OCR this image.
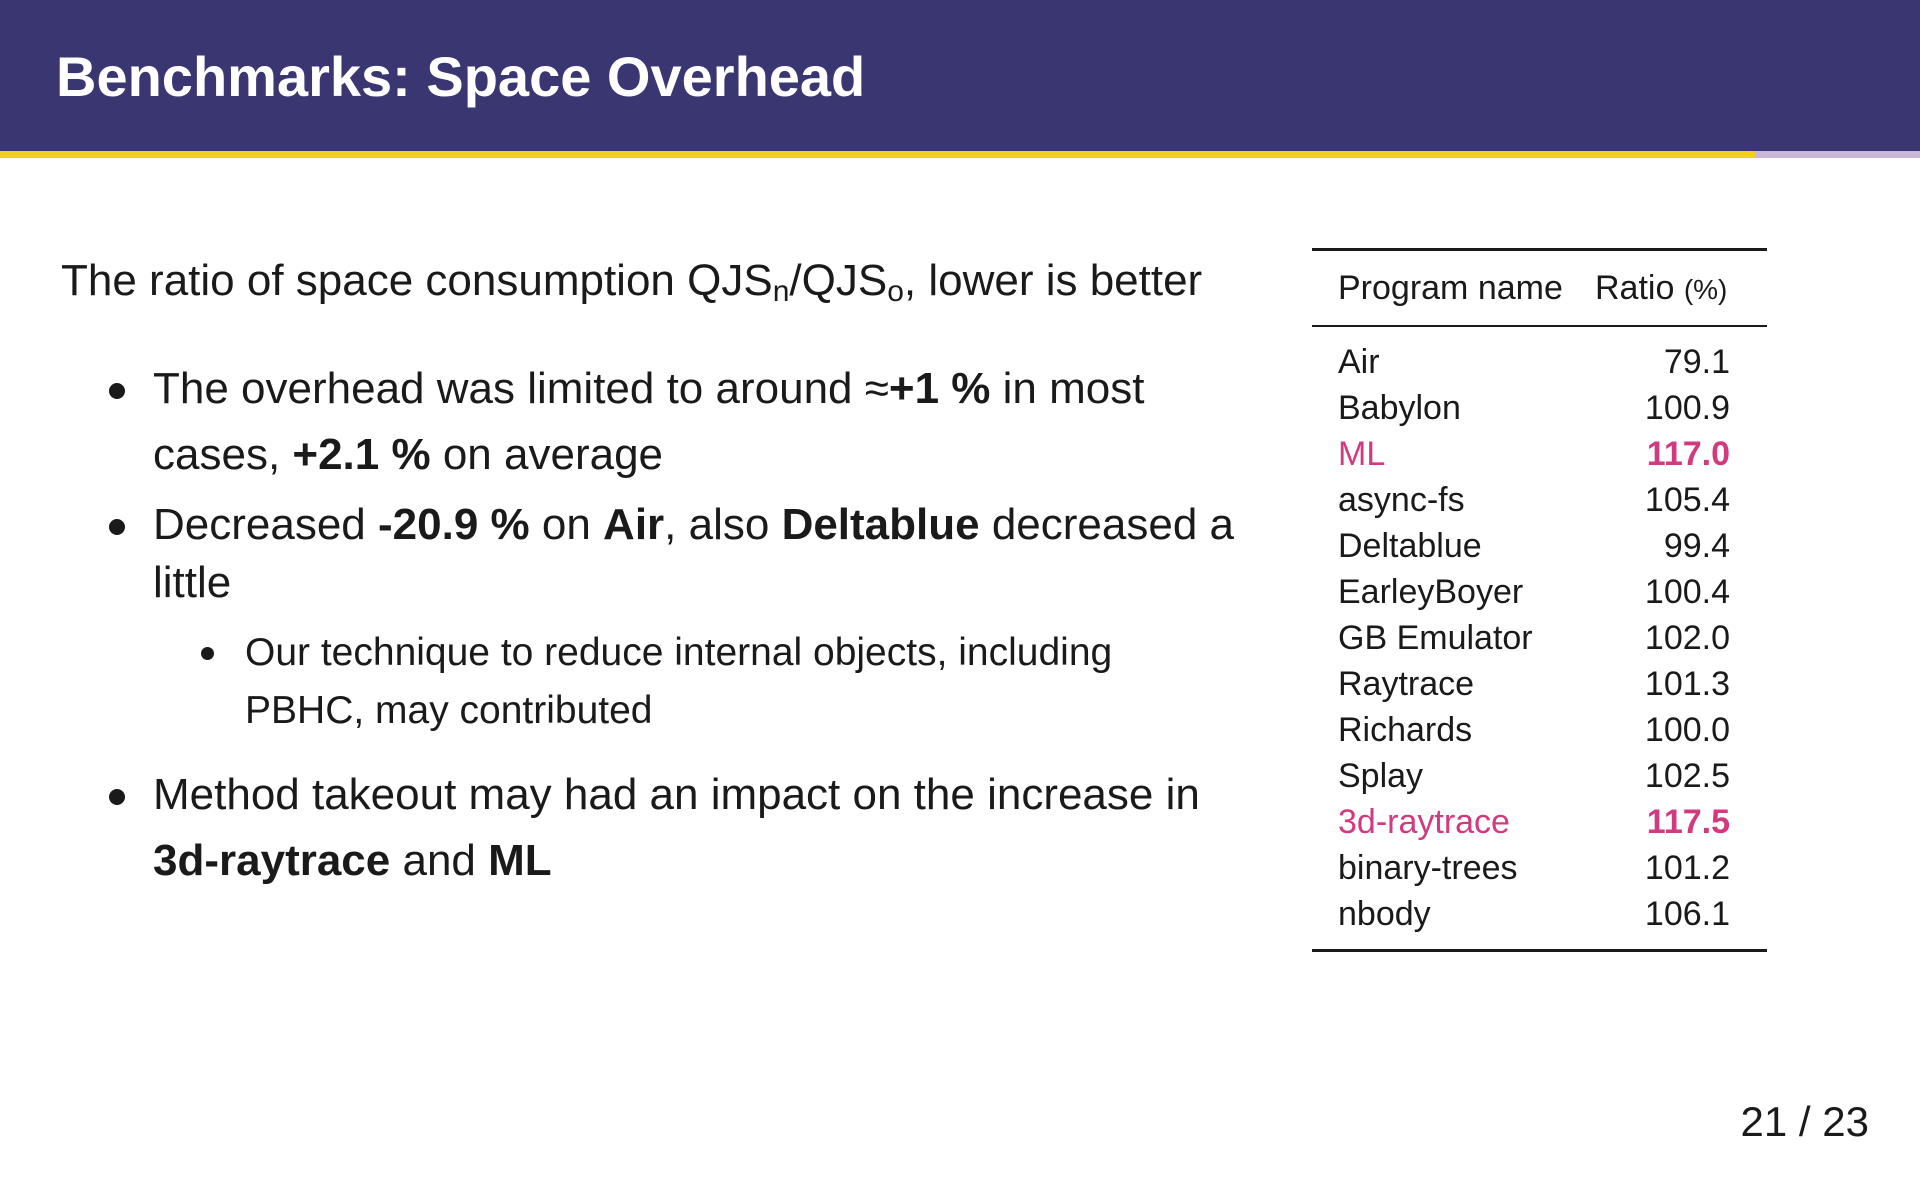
Benchmarks: Space Overhead

The ratio of space consumption $QJS_n/QJS_o$, lower is better

The overhead was limited to around ≈+1 % in most cases, +2.1 % on average
Decreased -20.9 % on Air, also Deltablue decreased a little
Our technique to reduce internal objects, including PBHC, may contributed
Method takeout may had an impact on the increase in 3d-raytrace and ML
Program name Ratio (%)
Air	79.1
Babylon	100.9
ML	117.0
async-fs	105.4
Deltablue	99.4
EarleyBoyer	100.4
GB Emulator	102.0
Raytrace	101.3
Richards	100.0
Splay	102.5
3d-raytrace	117.5
binary-trees	101.2
nbody	106.1
21 / 23
